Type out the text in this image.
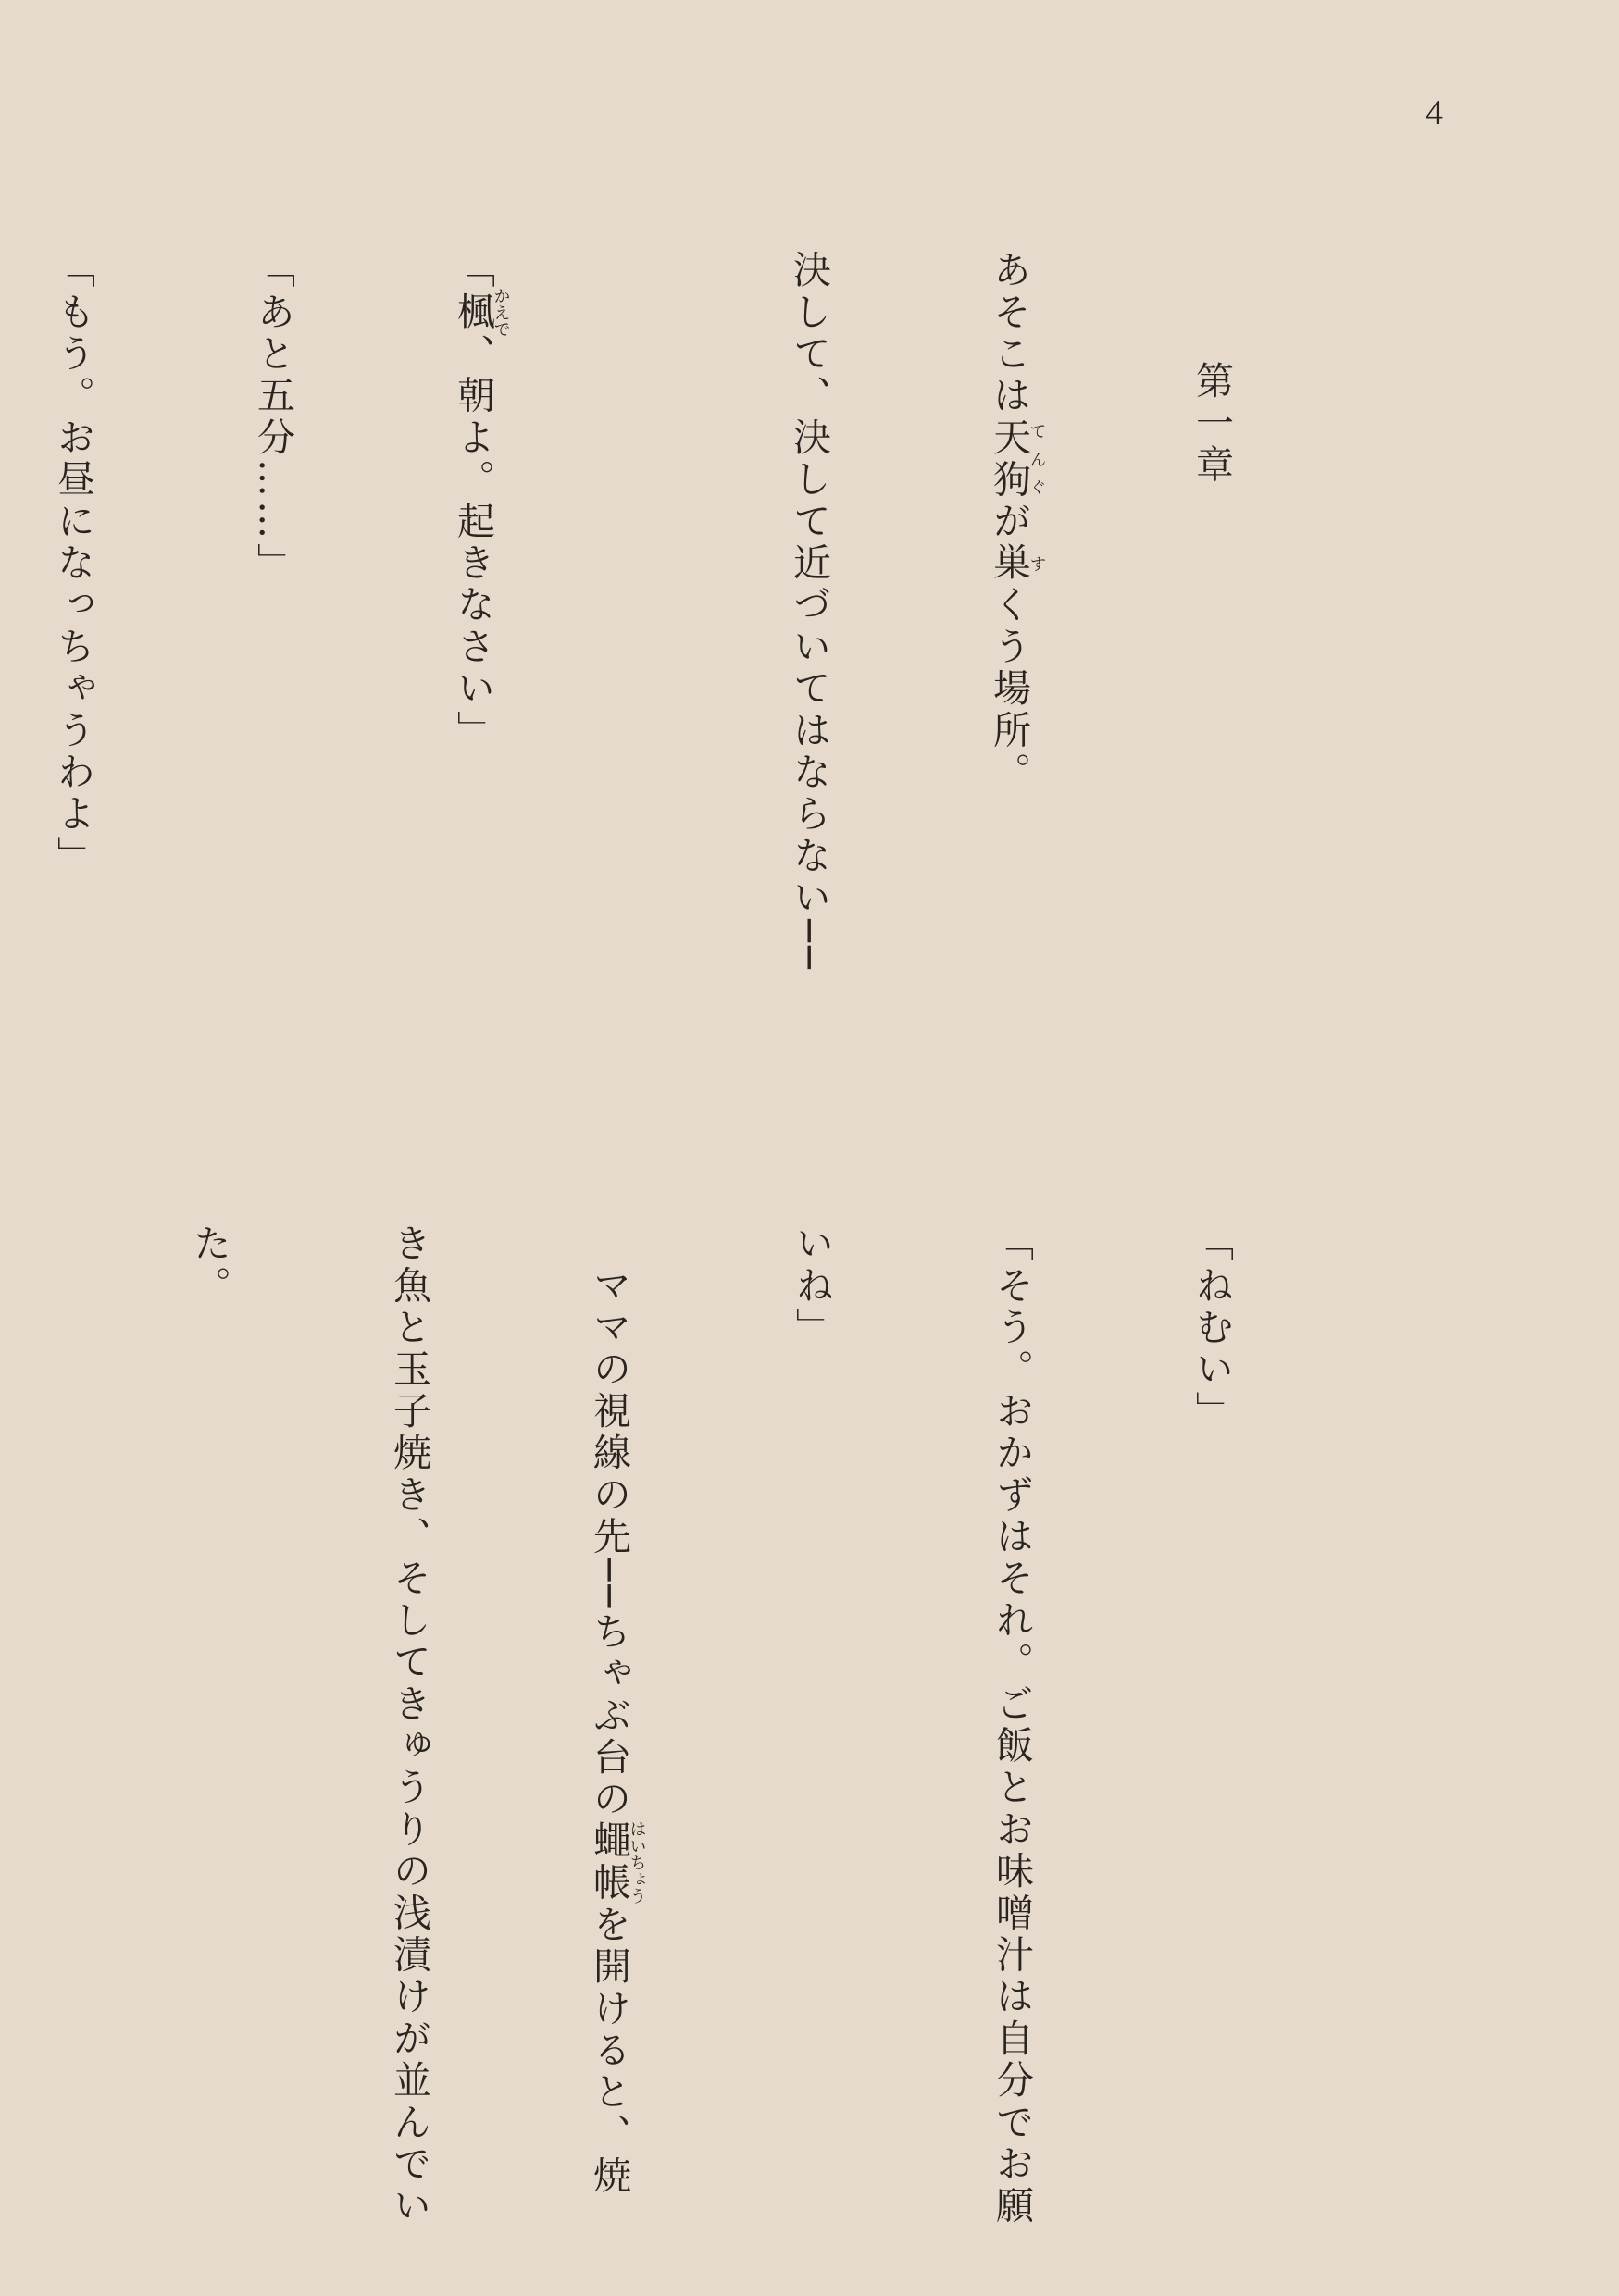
4

第一章

あそこは天狗てんぐが巣すくう場所。

決して、決して近づいてはならない──

「楓かえで、朝よ。起きなさい」

「あと五分……」

「もう。お昼になっちゃうわよ」

「ねむい」

「そう。おかずはそれ。ご飯とお味噌汁は自分でお願

いね」

　ママの視線の先──ちゃぶ台の蠅帳はいちょうを開けると、焼

き魚と玉子焼き、そしてきゅうりの浅漬けが並んでい

た。
